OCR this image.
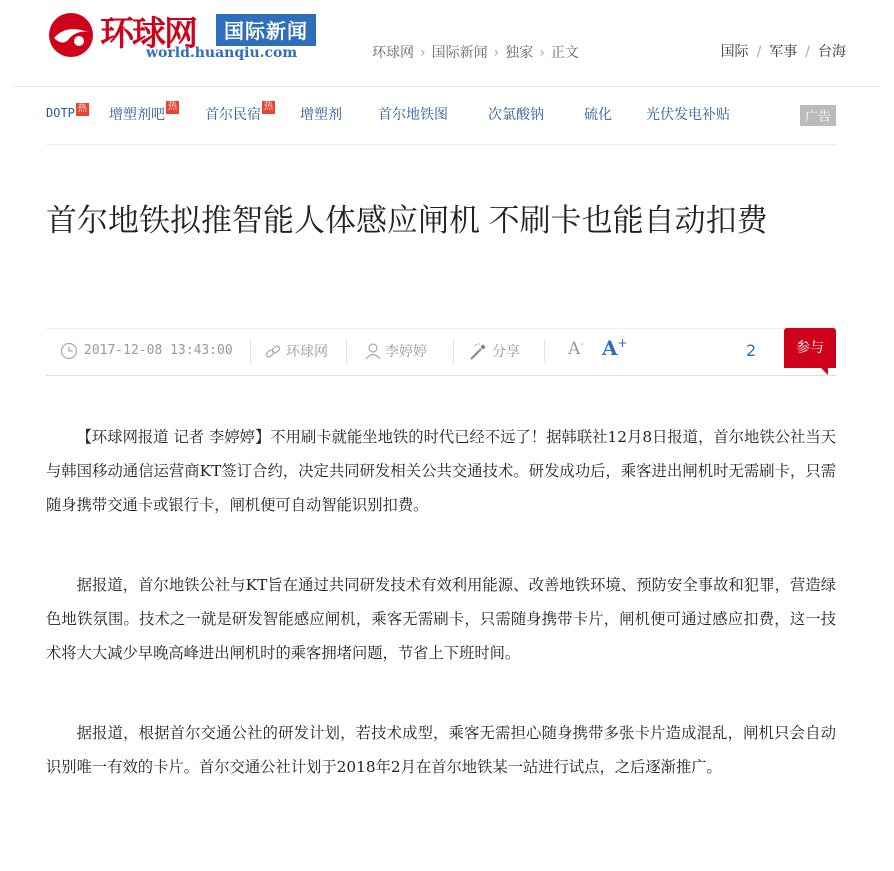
环球网	国际新闻
world.huanqiu.com	环球网 › 国际新闻 › 独家 › 正文	国际 / 军事 / 台海
DOTP 热 增塑剂吧 热 首尔民宿 热 增塑剂	首尔地铁图	次氯酸钠	硫化 光伏发电补贴	广告
首尔地铁拟推智能人体感应闸机 不刷卡也能自动扣费
2017-12-08 13:43:00	环球网	李婷婷	分享	A- A+	2	参与

【环球网报道 记者 李婷婷】不用刷卡就能坐地铁的时代已经不远了！据韩联社12月8日报道，首尔地铁公社当天与韩国移动通信运营商KT签订合约，决定共同研发相关公共交通技术。研发成功后，乘客进出闸机时无需刷卡，只需随身携带交通卡或银行卡，闸机便可自动智能识别扣费。

据报道，首尔地铁公社与KT旨在通过共同研发技术有效利用能源、改善地铁环境、预防安全事故和犯罪，营造绿色地铁氛围。技术之一就是研发智能感应闸机，乘客无需刷卡，只需随身携带卡片，闸机便可通过感应扣费，这一技术将大大减少早晚高峰进出闸机时的乘客拥堵问题，节省上下班时间。

据报道，根据首尔交通公社的研发计划，若技术成型，乘客无需担心随身携带多张卡片造成混乱，闸机只会自动识别唯一有效的卡片。首尔交通公社计划于2018年2月在首尔地铁某一站进行试点，之后逐渐推广。
